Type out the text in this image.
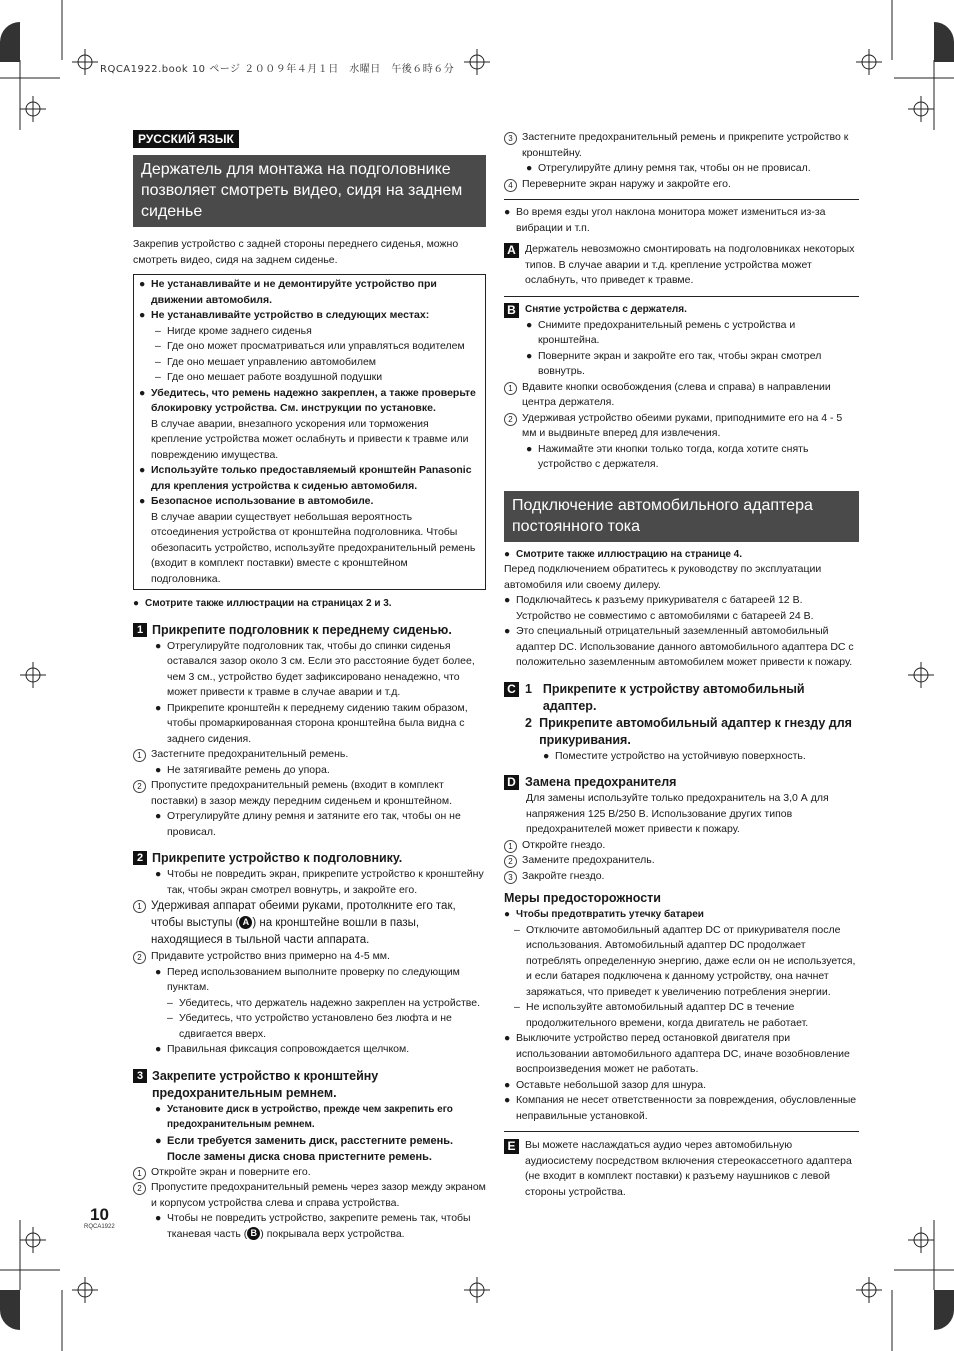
RQCA1922.book 10 ページ ２００９年４月１日　水曜日　午後６時６分
РУССКИЙ ЯЗЫК
Держатель для монтажа на подголовнике позволяет смотреть видео, сидя на заднем сиденье

Закрепив устройство с задней стороны переднего сиденья, можно смотреть видео, сидя на заднем сиденье.

● Не устанавливайте и не демонтируйте устройство при движении автомобиля.
● Не устанавливайте устройство в следующих местах:
– Нигде кроме заднего сиденья
– Где оно может просматриваться или управляться водителем
– Где оно мешает управлению автомобилем
– Где оно мешает работе воздушной подушки
● Убедитесь, что ремень надежно закреплен, а также проверьте блокировку устройства. См. инструкции по установке.

В случае аварии, внезапного ускорения или торможения крепление устройства может ослабнуть и привести к травме или повреждению имущества.

● Используйте только предоставляемый кронштейн Panasonic для крепления устройства к сиденью автомобиля.
● Безопасное использование в автомобиле.

В случае аварии существует небольшая вероятность отсоединения устройства от кронштейна подголовника. Чтобы обезопасить устройство, используйте предохранительный ремень (входит в комплект поставки) вместе с кронштейном подголовника.

● Смотрите также иллюстрации на страницах 2 и 3.
1 Прикрепите подголовник к переднему сиденью.
● Отрегулируйте подголовник так, чтобы до спинки сиденья оставался зазор около 3 см. Если это расстояние будет более, чем 3 см., устройство будет зафиксировано ненадежно, что может привести к травме в случае аварии и т.д.
● Прикрепите кронштейн к переднему сидению таким образом, чтобы промаркированная сторона кронштейна была видна с заднего сидения.
1 Застегните предохранительный ремень.
● Не затягивайте ремень до упора.
2 Пропустите предохранительный ремень (входит в комплект поставки) в зазор между передним сиденьем и кронштейном.
● Отрегулируйте длину ремня и затяните его так, чтобы он не провисал.
2 Прикрепите устройство к подголовнику.
● Чтобы не повредить экран, прикрепите устройство к кронштейну так, чтобы экран смотрел вовнутрь, и закройте его.
1 Удерживая аппарат обеими руками, протолкните его так, чтобы выступы ( A ) на кронштейне вошли в пазы, находящиеся в тыльной части аппарата.
2 Придавите устройство вниз примерно на 4-5 мм.
● Перед использованием выполните проверку по следующим пунктам.
– Убедитесь, что держатель надежно закреплен на устройстве.
– Убедитесь, что устройство установлено без люфта и не сдвигается вверх.
● Правильная фиксация сопровождается щелчком.
3 Закрепите устройство к кронштейну предохранительным ремнем.
● Установите диск в устройство, прежде чем закрепить его предохранительным ремнем.
● Если требуется заменить диск, расстегните ремень. После замены диска снова пристегните ремень.
1 Откройте экран и поверните его.
2 Пропустите предохранительный ремень через зазор между экраном и корпусом устройства слева и справа устройства.
● Чтобы не повредить устройство, закрепите ремень так, чтобы тканевая часть ( B ) покрывала верх устройства.
3 Застегните предохранительный ремень и прикрепите устройство к кронштейну.
● Отрегулируйте длину ремня так, чтобы он не провисал.
4 Переверните экран наружу и закройте его.
● Во время езды угол наклона монитора может измениться из-за вибрации и т.п.
A Держатель невозможно смонтировать на подголовниках некоторых типов. В случае аварии и т.д. крепление устройства может ослабнуть, что приведет к травме.

B Снятие устройства с держателя.

● Снимите предохранительный ремень с устройства и кронштейна.
● Поверните экран и закройте его так, чтобы экран смотрел вовнутрь.
1 Вдавите кнопки освобождения (слева и справа) в направлении центра держателя.
2 Удерживая устройство обеими руками, приподнимите его на 4 - 5 мм и выдвиньте вперед для извлечения.
● Нажимайте эти кнопки только тогда, когда хотите снять устройство с держателя.
Подключение автомобильного адаптера постоянного тока
● Смотрите также иллюстрацию на странице 4.

Перед подключением обратитесь к руководству по эксплуатации автомобиля или своему дилеру.

● Подключайтесь к разъему прикуривателя с батареей 12 В. Устройство не совместимо с автомобилями с батареей 24 В.
● Это специальный отрицательный заземленный автомобильный адаптер DC. Использование данного автомобильного адаптера DC с положительно заземленным автомобилем может привести к пожару.
C 1 Прикрепите к устройству автомобильный адаптер.
2 Прикрепите автомобильный адаптер к гнезду для прикуривания.
● Поместите устройство на устойчивую поверхность.
D Замена предохранителя

Для замены используйте только предохранитель на 3,0 А для напряжения 125 В/250 В. Использование других типов предохранителей может привести к пожару.

1 Откройте гнездо.
2 Замените предохранитель.
3 Закройте гнездо.
Меры предосторожности
● Чтобы предотвратить утечку батареи
– Отключите автомобильный адаптер DC от прикуривателя после использования. Автомобильный адаптер DC продолжает потреблять определенную энергию, даже если он не используется, и если батарея подключена к данному устройству, она начнет заряжаться, что приведет к увеличению потребления энергии.
– Не используйте автомобильный адаптер DC в течение продолжительного времени, когда двигатель не работает.
● Выключите устройство перед остановкой двигателя при использовании автомобильного адаптера DC, иначе возобновление воспроизведения может не работать.
● Оставьте небольшой зазор для шнура.
● Компания не несет ответственности за повреждения, обусловленные неправильные установкой.
E Вы можете наслаждаться аудио через автомобильную аудиосистему посредством включения стереокассетного адаптера (не входит в комплект поставки) к разъему наушников с левой стороны устройства.

10
RQCA1922
